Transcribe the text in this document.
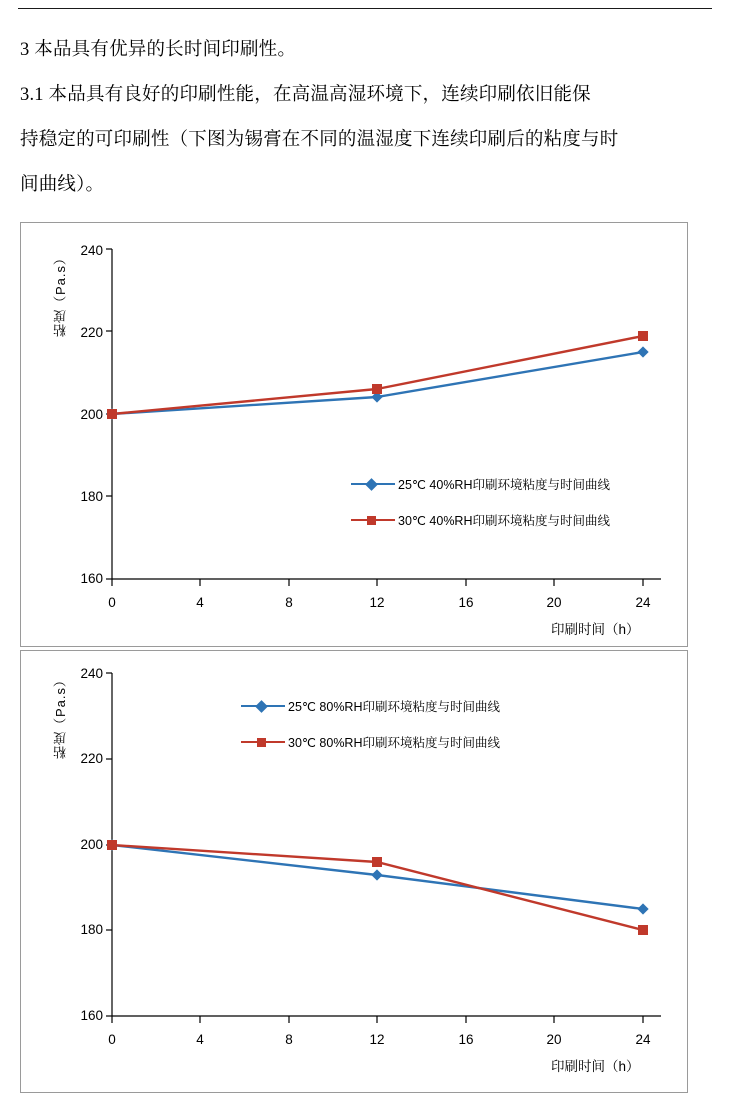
3 本品具有优异的长时间印刷性。
3.1 本品具有良好的印刷性能，在高温高湿环境下，连续印刷依旧能保
持稳定的可印刷性（下图为锡膏在不同的温湿度下连续印刷后的粘度与时
间曲线）。
粘度（Pa.s）
240
220
200
180
160
0	4	8	12	16	20	24
印刷时间（h）
25℃ 40%RH印刷环境粘度与时间曲线
30℃ 40%RH印刷环境粘度与时间曲线
粘度（Pa.s） 240
220
200
180
160
0	4	8	12	16	20	24
印刷时间（h）
25℃ 80%RH印刷环境粘度与时间曲线
30℃ 80%RH印刷环境粘度与时间曲线
